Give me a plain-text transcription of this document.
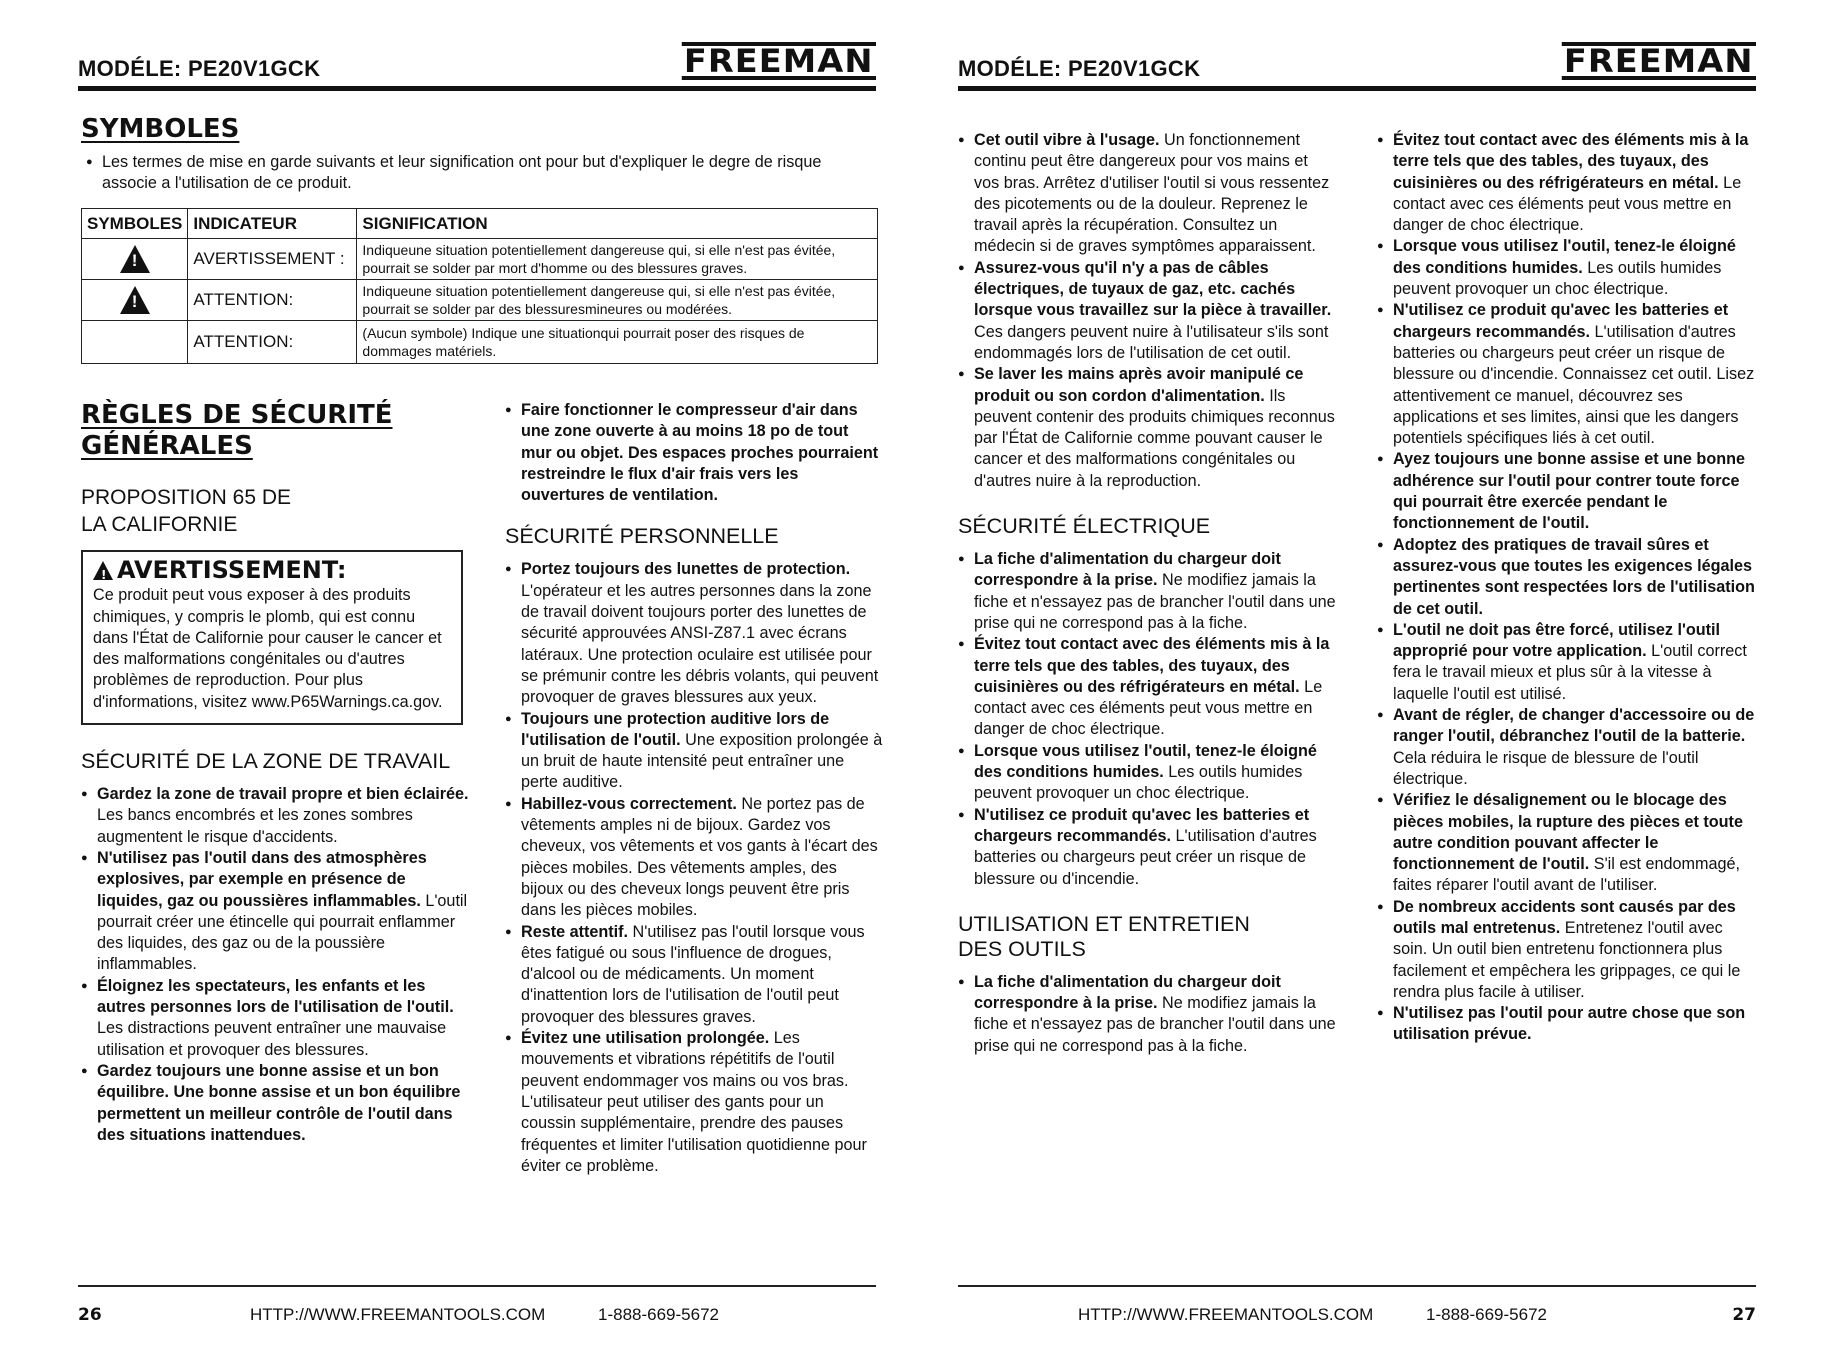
MODÉLE: PE20V1GCK	FREEMAN
SYMBOLES
● Les termes de mise en garde suivants et leur signification ont pour but d'expliquer le degre de risque associe a l'utilisation de ce produit.
SYMBOLES	INDICATEUR	SIGNIFICATION

!
	AVERTISSEMENT :	Indiqueune situation potentiellement dangereuse qui, si elle n'est pas évitée, pourrait se solder par mort d'homme ou des blessures graves.

!
	ATTENTION:	Indiqueune situation potentiellement dangereuse qui, si elle n'est pas évitée, pourrait se solder par des blessuresmineures ou modérées.
	ATTENTION:	(Aucun symbole) Indique une situationqui pourrait poser des risques de dommages matériels.
RÈGLES DE SÉCURITÉ
GÉNÉRALES
PROPOSITION 65 DE
LA CALIFORNIE
!
AVERTISSEMENT:
Ce produit peut vous exposer à des produits chimiques, y compris le plomb, qui est connu dans l'État de Californie pour causer le cancer et des malformations congénitales ou d'autres problèmes de reproduction. Pour plus d'informations, visitez www.P65Warnings.ca.gov.
SÉCURITÉ DE LA ZONE DE TRAVAIL
● Gardez la zone de travail propre et bien éclairée. Les bancs encombrés et les zones sombres augmentent le risque d'accidents.
● N'utilisez pas l'outil dans des atmosphères explosives, par exemple en présence de liquides, gaz ou poussières inflammables. L'outil pourrait créer une étincelle qui pourrait enflammer des liquides, des gaz ou de la poussière inflammables.
● Éloignez les spectateurs, les enfants et les autres personnes lors de l'utilisation de l'outil. Les distractions peuvent entraîner une mauvaise utilisation et provoquer des blessures.
● Gardez toujours une bonne assise et un bon équilibre. Une bonne assise et un bon équilibre permettent un meilleur contrôle de l'outil dans des situations inattendues.
● Faire fonctionner le compresseur d'air dans une zone ouverte à au moins 18 po de tout mur ou objet. Des espaces proches pourraient restreindre le flux d'air frais vers les ouvertures de ventilation.
SÉCURITÉ PERSONNELLE
● Portez toujours des lunettes de protection. L'opérateur et les autres personnes dans la zone de travail doivent toujours porter des lunettes de sécurité approuvées ANSI-Z87.1 avec écrans latéraux. Une protection oculaire est utilisée pour se prémunir contre les débris volants, qui peuvent provoquer de graves blessures aux yeux.
● Toujours une protection auditive lors de l'utilisation de l'outil. Une exposition prolongée à un bruit de haute intensité peut entraîner une perte auditive.
● Habillez-vous correctement. Ne portez pas de vêtements amples ni de bijoux. Gardez vos cheveux, vos vêtements et vos gants à l'écart des pièces mobiles. Des vêtements amples, des bijoux ou des cheveux longs peuvent être pris dans les pièces mobiles.
● Reste attentif. N'utilisez pas l'outil lorsque vous êtes fatigué ou sous l'influence de drogues, d'alcool ou de médicaments. Un moment d'inattention lors de l'utilisation de l'outil peut provoquer des blessures graves.
● Évitez une utilisation prolongée. Les mouvements et vibrations répétitifs de l'outil peuvent endommager vos mains ou vos bras. L'utilisateur peut utiliser des gants pour un coussin supplémentaire, prendre des pauses fréquentes et limiter l'utilisation quotidienne pour éviter ce problème.
26	HTTP://WWW.FREEMANTOOLS.COM	1-888-669-5672
MODÉLE: PE20V1GCK	FREEMAN
● Cet outil vibre à l'usage. Un fonctionnement continu peut être dangereux pour vos mains et vos bras. Arrêtez d'utiliser l'outil si vous ressentez des picotements ou de la douleur. Reprenez le travail après la récupération. Consultez un médecin si de graves symptômes apparaissent.
● Assurez-vous qu'il n'y a pas de câbles électriques, de tuyaux de gaz, etc. cachés lorsque vous travaillez sur la pièce à travailler. Ces dangers peuvent nuire à l'utilisateur s'ils sont endommagés lors de l'utilisation de cet outil.
● Se laver les mains après avoir manipulé ce produit ou son cordon d'alimentation. Ils peuvent contenir des produits chimiques reconnus par l'État de Californie comme pouvant causer le cancer et des malformations congénitales ou d'autres nuire à la reproduction.
SÉCURITÉ ÉLECTRIQUE
● La fiche d'alimentation du chargeur doit correspondre à la prise. Ne modifiez jamais la fiche et n'essayez pas de brancher l'outil dans une prise qui ne correspond pas à la fiche.
● Évitez tout contact avec des éléments mis à la terre tels que des tables, des tuyaux, des cuisinières ou des réfrigérateurs en métal. Le contact avec ces éléments peut vous mettre en danger de choc électrique.
● Lorsque vous utilisez l'outil, tenez-le éloigné des conditions humides. Les outils humides peuvent provoquer un choc électrique.
● N'utilisez ce produit qu'avec les batteries et chargeurs recommandés. L'utilisation d'autres batteries ou chargeurs peut créer un risque de blessure ou d'incendie.
UTILISATION ET ENTRETIEN
DES OUTILS
● La fiche d'alimentation du chargeur doit correspondre à la prise. Ne modifiez jamais la fiche et n'essayez pas de brancher l'outil dans une prise qui ne correspond pas à la fiche.
● Évitez tout contact avec des éléments mis à la terre tels que des tables, des tuyaux, des cuisinières ou des réfrigérateurs en métal. Le contact avec ces éléments peut vous mettre en danger de choc électrique.
● Lorsque vous utilisez l'outil, tenez-le éloigné des conditions humides. Les outils humides peuvent provoquer un choc électrique.
● N'utilisez ce produit qu'avec les batteries et chargeurs recommandés. L'utilisation d'autres batteries ou chargeurs peut créer un risque de blessure ou d'incendie. Connaissez cet outil. Lisez attentivement ce manuel, découvrez ses applications et ses limites, ainsi que les dangers potentiels spécifiques liés à cet outil.
● Ayez toujours une bonne assise et une bonne adhérence sur l'outil pour contrer toute force qui pourrait être exercée pendant le fonctionnement de l'outil.
● Adoptez des pratiques de travail sûres et assurez-vous que toutes les exigences légales pertinentes sont respectées lors de l'utilisation de cet outil.
● L'outil ne doit pas être forcé, utilisez l'outil approprié pour votre application. L'outil correct fera le travail mieux et plus sûr à la vitesse à laquelle l'outil est utilisé.
● Avant de régler, de changer d'accessoire ou de ranger l'outil, débranchez l'outil de la batterie. Cela réduira le risque de blessure de l'outil électrique.
● Vérifiez le désalignement ou le blocage des pièces mobiles, la rupture des pièces et toute autre condition pouvant affecter le fonctionnement de l'outil. S'il est endommagé, faites réparer l'outil avant de l'utiliser.
● De nombreux accidents sont causés par des outils mal entretenus. Entretenez l'outil avec soin. Un outil bien entretenu fonctionnera plus facilement et empêchera les grippages, ce qui le rendra plus facile à utiliser.
● N'utilisez pas l'outil pour autre chose que son utilisation prévue.
HTTP://WWW.FREEMANTOOLS.COM	1-888-669-5672	27
